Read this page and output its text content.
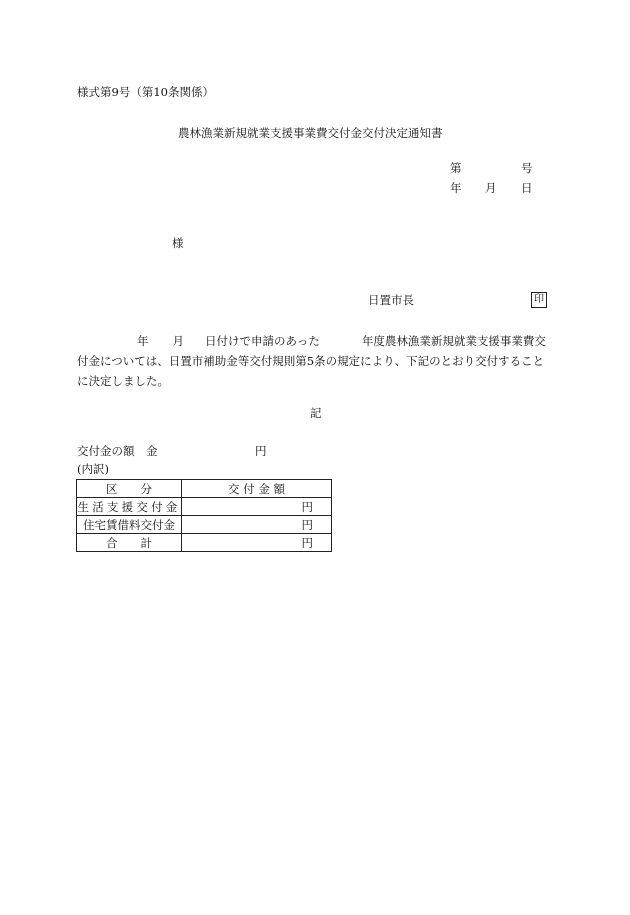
様式第9号（第10条関係）
農林漁業新規就業支援事業費交付金交付決定通知書
第	号
年 月 日
様
日置市長	印
年 月 日付けで申請のあった	年度農林漁業新規就業支援事業費交
付金については、日置市補助金等交付規則第5条の規定により、下記のとおり交付すること
に決定しました。
記
交付金の額　金	円
(内訳)
区　　分	交 付 金 額
生活支援交付金	円
住宅賃借料交付金	円
合　　計	円
